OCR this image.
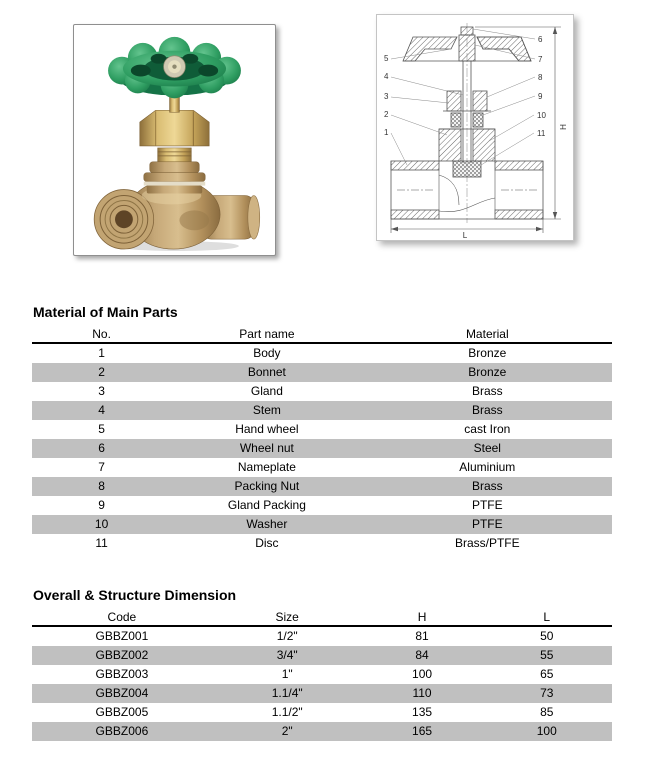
5
4
3
2
1
6
7
8
9
10
11
H
L
Material of Main Parts
No.	Part name	Material
1	Body	Bronze
2	Bonnet	Bronze
3	Gland	Brass
4	Stem	Brass
5	Hand wheel	cast Iron
6	Wheel nut	Steel
7	Nameplate	Aluminium
8	Packing Nut	Brass
9	Gland Packing	PTFE
10	Washer	PTFE
11	Disc	Brass/PTFE
Overall & Structure Dimension
Code	Size	H	L
GBBZ001	1/2"	81	50
GBBZ002	3/4"	84	55
GBBZ003	1"	100	65
GBBZ004	1.1/4"	110	73
GBBZ005	1.1/2"	135	85
GBBZ006	2"	165	100
